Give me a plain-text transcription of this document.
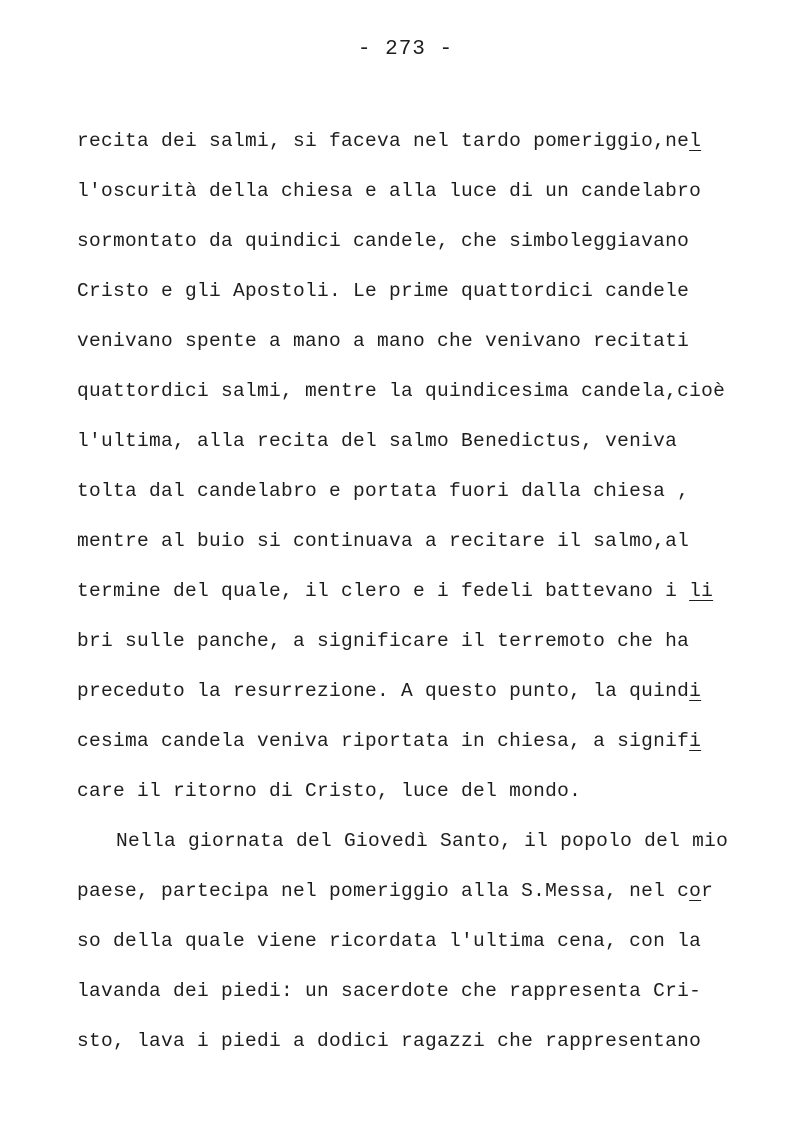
- 273 -
recita dei salmi, si faceva nel tardo pomeriggio,nel
l'oscurità della chiesa e alla luce di un candelabro
sormontato da quindici candele, che simboleggiavano
Cristo e gli Apostoli. Le prime quattordici candele
venivano spente a mano a mano che venivano recitati
quattordici salmi, mentre la quindicesima candela,cioè
l'ultima, alla recita del salmo Benedictus, veniva
tolta dal candelabro e portata fuori dalla chiesa ,
mentre al buio si continuava a recitare il salmo,al
termine del quale, il clero e i fedeli battevano i li
bri sulle panche, a significare il terremoto che ha
preceduto la resurrezione. A questo punto, la quindi
cesima candela veniva riportata in chiesa, a signifi
care il ritorno di Cristo, luce del mondo.
Nella giornata del Giovedì Santo, il popolo del mio
paese, partecipa nel pomeriggio alla S.Messa, nel cor
so della quale viene ricordata l'ultima cena, con la
lavanda dei piedi: un sacerdote che rappresenta Cri-
sto, lava i piedi a dodici ragazzi che rappresentano
